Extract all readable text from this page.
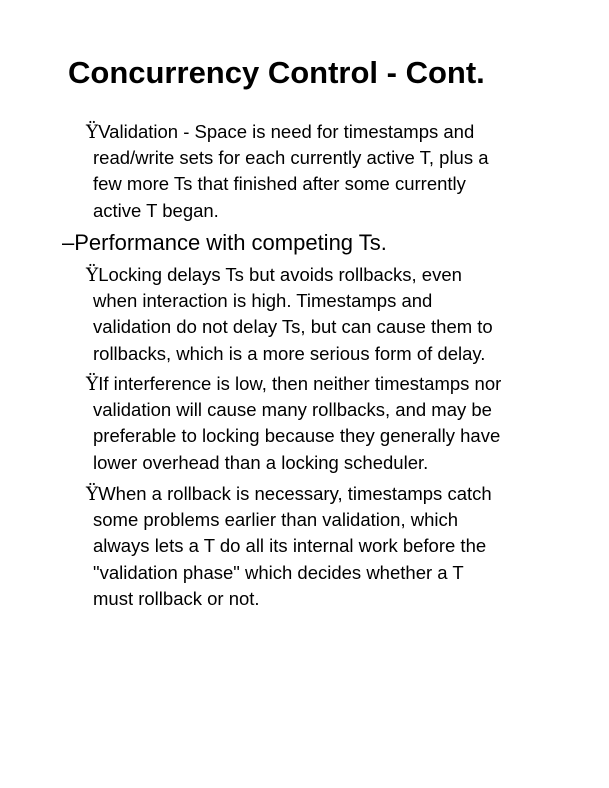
Concurrency Control - Cont.
ŸValidation - Space is need for timestamps and
read/write sets for each currently active T, plus a
few more Ts that finished after some currently
active T began.
–Performance with competing Ts.
ŸLocking delays Ts but avoids rollbacks, even
when interaction is high. Timestamps and
validation do not delay Ts, but can cause them to
rollbacks, which is a more serious form of delay.
ŸIf interference is low, then neither timestamps nor
validation will cause many rollbacks, and may be
preferable to locking because they generally have
lower overhead than a locking scheduler.
ŸWhen a rollback is necessary, timestamps catch
some problems earlier than validation, which
always lets a T do all its internal work before the
"validation phase" which decides whether a T
must rollback or not.
